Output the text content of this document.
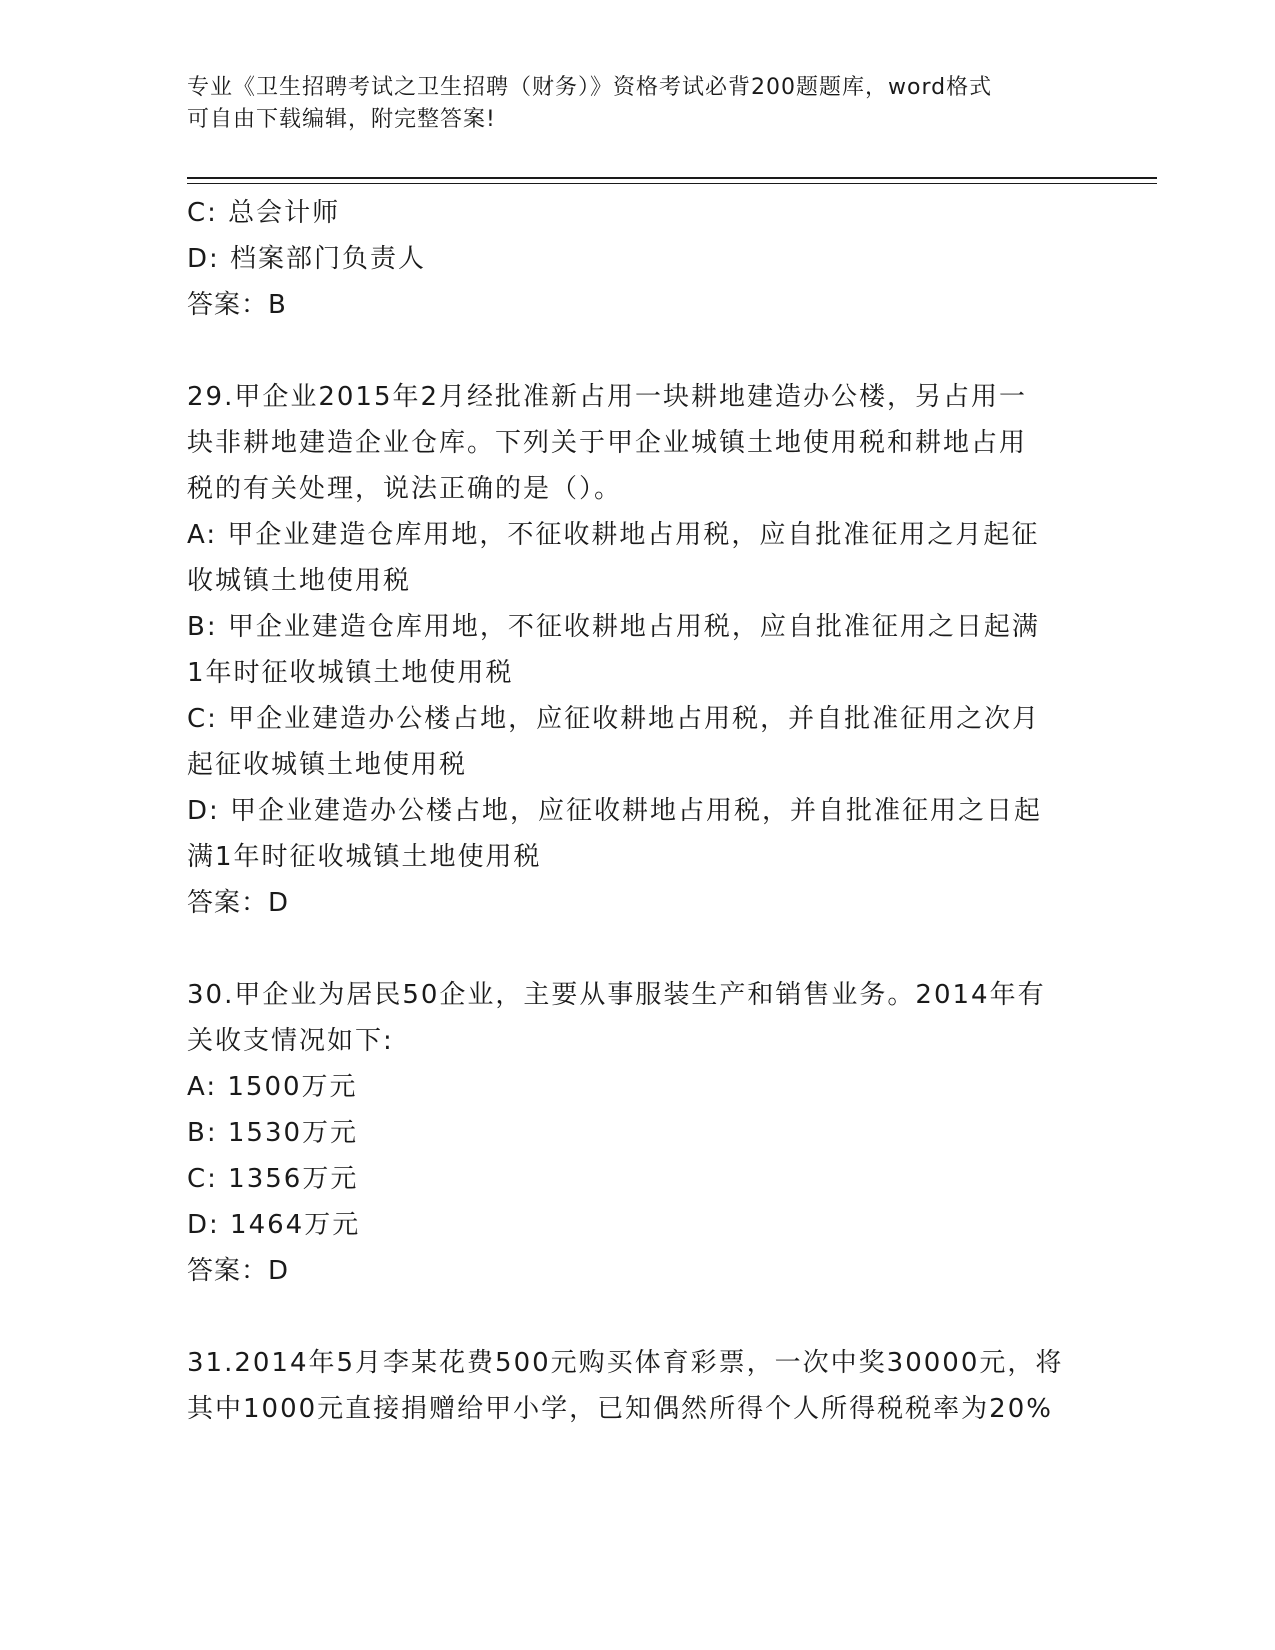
专业《卫生招聘考试之卫生招聘（财务）》资格考试必背200题题库，word格式
可自由下载编辑，附完整答案!
C: 总会计师
D: 档案部门负责人
答案：B
29.甲企业2015年2月经批准新占用一块耕地建造办公楼，另占用一
块非耕地建造企业仓库。下列关于甲企业城镇土地使用税和耕地占用
税的有关处理，说法正确的是（）。
A: 甲企业建造仓库用地，不征收耕地占用税，应自批准征用之月起征
收城镇土地使用税
B: 甲企业建造仓库用地，不征收耕地占用税，应自批准征用之日起满
1年时征收城镇土地使用税
C: 甲企业建造办公楼占地，应征收耕地占用税，并自批准征用之次月
起征收城镇土地使用税
D: 甲企业建造办公楼占地，应征收耕地占用税，并自批准征用之日起
满1年时征收城镇土地使用税
答案：D
30.甲企业为居民50企业，主要从事服装生产和销售业务。2014年有
关收支情况如下:
A: 1500万元
B: 1530万元
C: 1356万元
D: 1464万元
答案：D
31.2014年5月李某花费500元购买体育彩票，一次中奖30000元，将
其中1000元直接捐赠给甲小学，已知偶然所得个人所得税税率为20%
